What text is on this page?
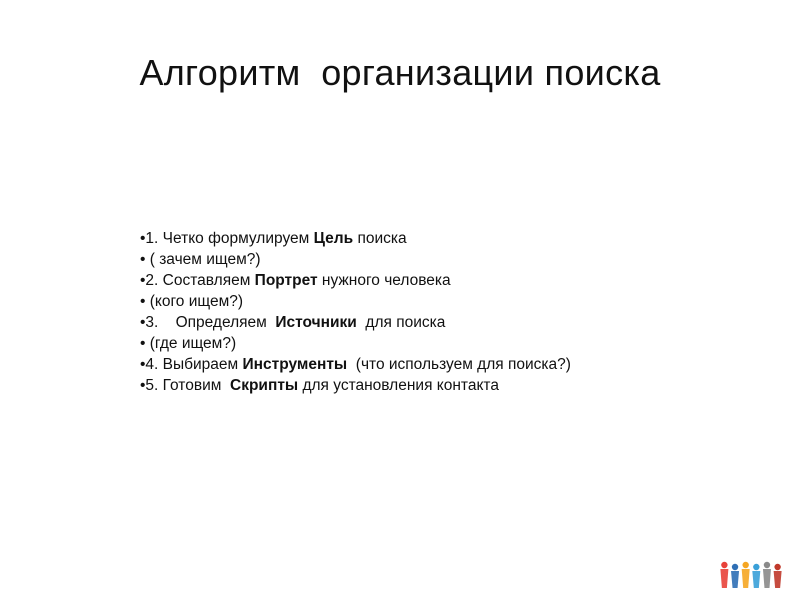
Алгоритм  организации поиска
•1. Четко формулируем Цель поиска
• ( зачем ищем?)
•2. Составляем Портрет нужного человека
• (кого ищем?)
•3.    Определяем  Источники  для поиска
• (где ищем?)
•4. Выбираем Инструменты  (что используем для поиска?)
•5. Готовим  Скрипты для установления контакта
